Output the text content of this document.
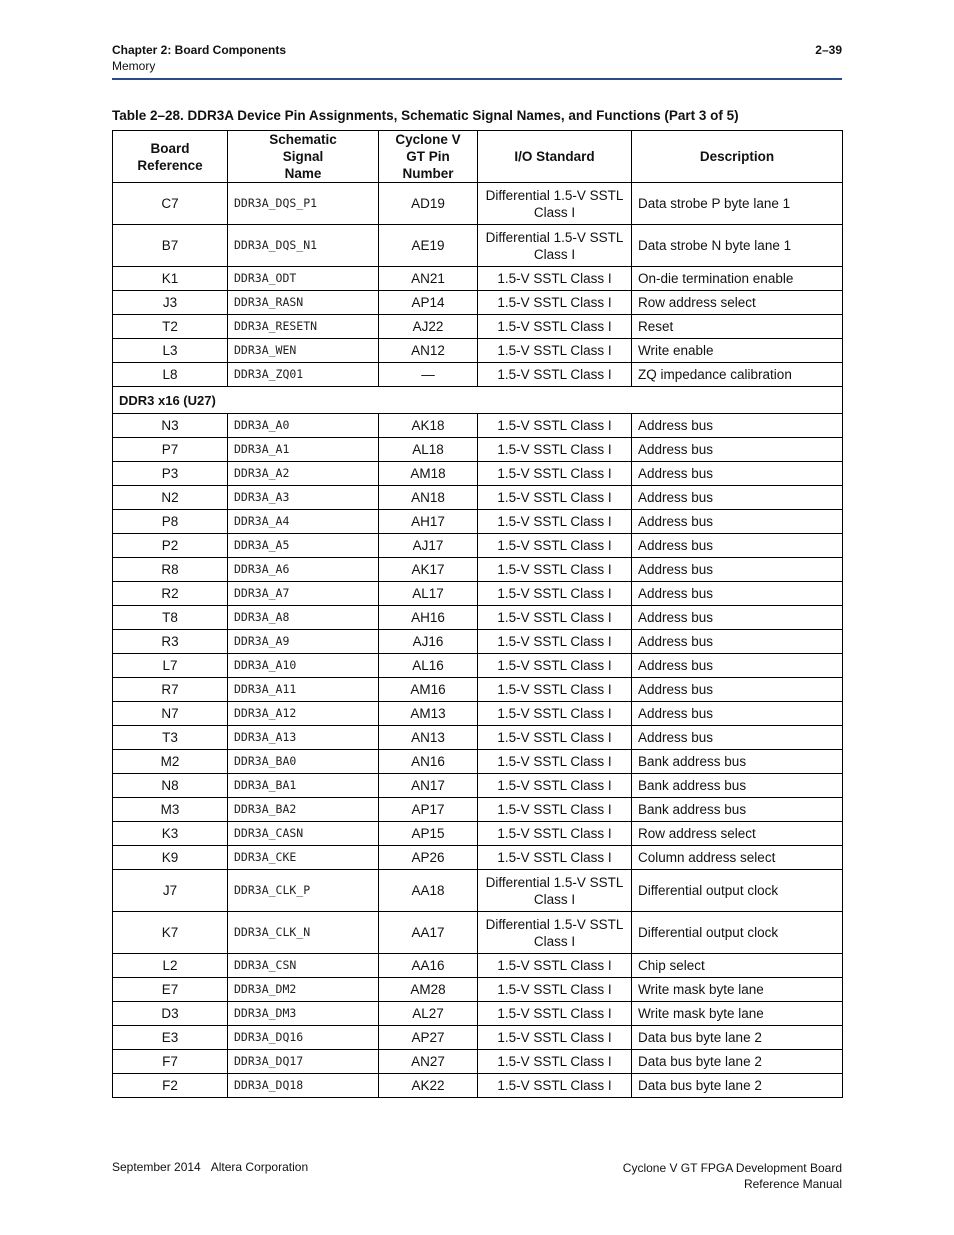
Chapter 2: Board Components
Memory
2–39
Table 2–28. DDR3A Device Pin Assignments, Schematic Signal Names, and Functions (Part 3 of 5)
Board Reference	Schematic Signal Name	Cyclone V GT Pin Number	I/O Standard	Description
C7	DDR3A_DQS_P1	AD19	Differential 1.5-V SSTL Class I	Data strobe P byte lane 1
B7	DDR3A_DQS_N1	AE19	Differential 1.5-V SSTL Class I	Data strobe N byte lane 1
K1	DDR3A_ODT	AN21	1.5-V SSTL Class I	On-die termination enable
J3	DDR3A_RASN	AP14	1.5-V SSTL Class I	Row address select
T2	DDR3A_RESETN	AJ22	1.5-V SSTL Class I	Reset
L3	DDR3A_WEN	AN12	1.5-V SSTL Class I	Write enable
L8	DDR3A_ZQ01	—	1.5-V SSTL Class I	ZQ impedance calibration
DDR3 x16 (U27)				
N3	DDR3A_A0	AK18	1.5-V SSTL Class I	Address bus
P7	DDR3A_A1	AL18	1.5-V SSTL Class I	Address bus
P3	DDR3A_A2	AM18	1.5-V SSTL Class I	Address bus
N2	DDR3A_A3	AN18	1.5-V SSTL Class I	Address bus
P8	DDR3A_A4	AH17	1.5-V SSTL Class I	Address bus
P2	DDR3A_A5	AJ17	1.5-V SSTL Class I	Address bus
R8	DDR3A_A6	AK17	1.5-V SSTL Class I	Address bus
R2	DDR3A_A7	AL17	1.5-V SSTL Class I	Address bus
T8	DDR3A_A8	AH16	1.5-V SSTL Class I	Address bus
R3	DDR3A_A9	AJ16	1.5-V SSTL Class I	Address bus
L7	DDR3A_A10	AL16	1.5-V SSTL Class I	Address bus
R7	DDR3A_A11	AM16	1.5-V SSTL Class I	Address bus
N7	DDR3A_A12	AM13	1.5-V SSTL Class I	Address bus
T3	DDR3A_A13	AN13	1.5-V SSTL Class I	Address bus
M2	DDR3A_BA0	AN16	1.5-V SSTL Class I	Bank address bus
N8	DDR3A_BA1	AN17	1.5-V SSTL Class I	Bank address bus
M3	DDR3A_BA2	AP17	1.5-V SSTL Class I	Bank address bus
K3	DDR3A_CASN	AP15	1.5-V SSTL Class I	Row address select
K9	DDR3A_CKE	AP26	1.5-V SSTL Class I	Column address select
J7	DDR3A_CLK_P	AA18	Differential 1.5-V SSTL Class I	Differential output clock
K7	DDR3A_CLK_N	AA17	Differential 1.5-V SSTL Class I	Differential output clock
L2	DDR3A_CSN	AA16	1.5-V SSTL Class I	Chip select
E7	DDR3A_DM2	AM28	1.5-V SSTL Class I	Write mask byte lane
D3	DDR3A_DM3	AL27	1.5-V SSTL Class I	Write mask byte lane
E3	DDR3A_DQ16	AP27	1.5-V SSTL Class I	Data bus byte lane 2
F7	DDR3A_DQ17	AN27	1.5-V SSTL Class I	Data bus byte lane 2
F2	DDR3A_DQ18	AK22	1.5-V SSTL Class I	Data bus byte lane 2
September 2014 Altera Corporation	Cyclone V GT FPGA Development Board
Reference Manual
